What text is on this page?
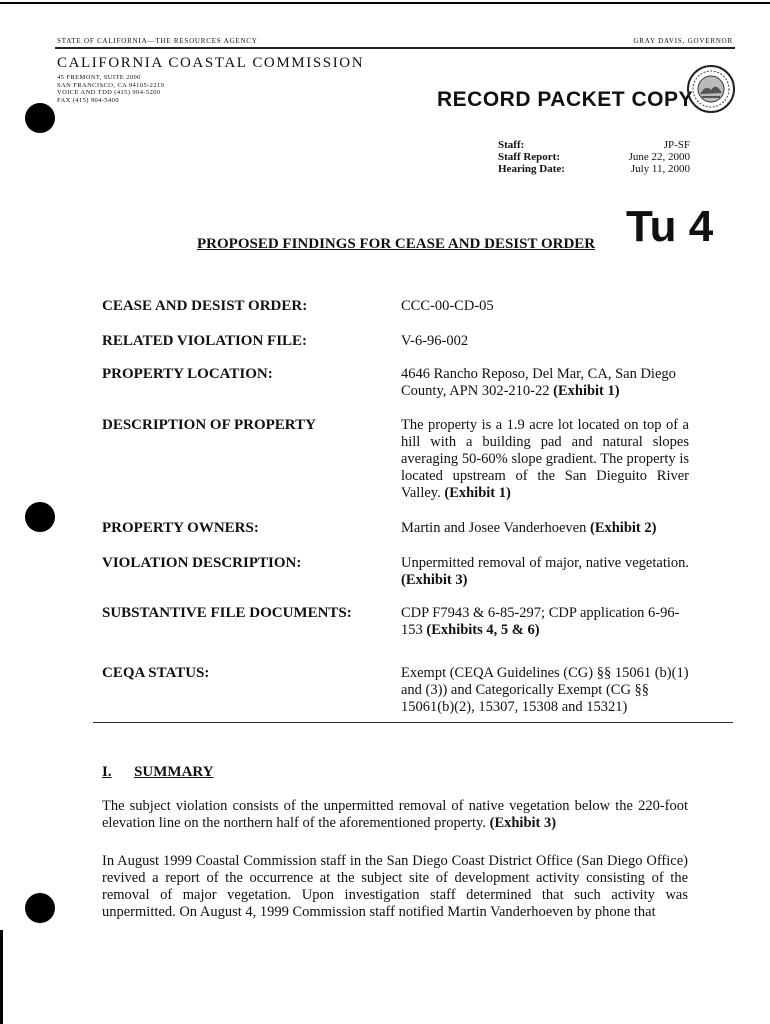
STATE OF CALIFORNIA—THE RESOURCES AGENCY	GRAY DAVIS, GOVERNOR
CALIFORNIA COASTAL COMMISSION
45 FREMONT, SUITE 2000
SAN FRANCISCO, CA 94105-2219
VOICE AND TDD (415) 904-5200
FAX (415) 904-5400	RECORD PACKET COPY
Staff:	JP-SF
Staff Report:	June 22, 2000
Hearing Date:	July 11, 2000
Tu 4
PROPOSED FINDINGS FOR CEASE AND DESIST ORDER
CEASE AND DESIST ORDER:	CCC-00-CD-05
RELATED VIOLATION FILE:	V-6-96-002
PROPERTY LOCATION:	4646 Rancho Reposo, Del Mar, CA, San Diego County, APN 302-210-22 (Exhibit 1)
DESCRIPTION OF PROPERTY	The property is a 1.9 acre lot located on top of a hill with a building pad and natural slopes averaging 50-60% slope gradient. The property is located upstream of the San Dieguito River Valley. (Exhibit 1)
PROPERTY OWNERS:	Martin and Josee Vanderhoeven (Exhibit 2)
VIOLATION DESCRIPTION:	Unpermitted removal of major, native vegetation. (Exhibit 3)
SUBSTANTIVE FILE DOCUMENTS:	CDP F7943 & 6-85-297; CDP application 6-96-153 (Exhibits 4, 5 & 6)
CEQA STATUS:	Exempt (CEQA Guidelines (CG) §§ 15061 (b)(1) and (3)) and Categorically Exempt (CG §§ 15061(b)(2), 15307, 15308 and 15321)
I. SUMMARY
The subject violation consists of the unpermitted removal of native vegetation below the 220-foot elevation line on the northern half of the aforementioned property. (Exhibit 3)
In August 1999 Coastal Commission staff in the San Diego Coast District Office (San Diego Office) revived a report of the occurrence at the subject site of development activity consisting of the removal of major vegetation. Upon investigation staff determined that such activity was unpermitted. On August 4, 1999 Commission staff notified Martin Vanderhoeven by phone that
